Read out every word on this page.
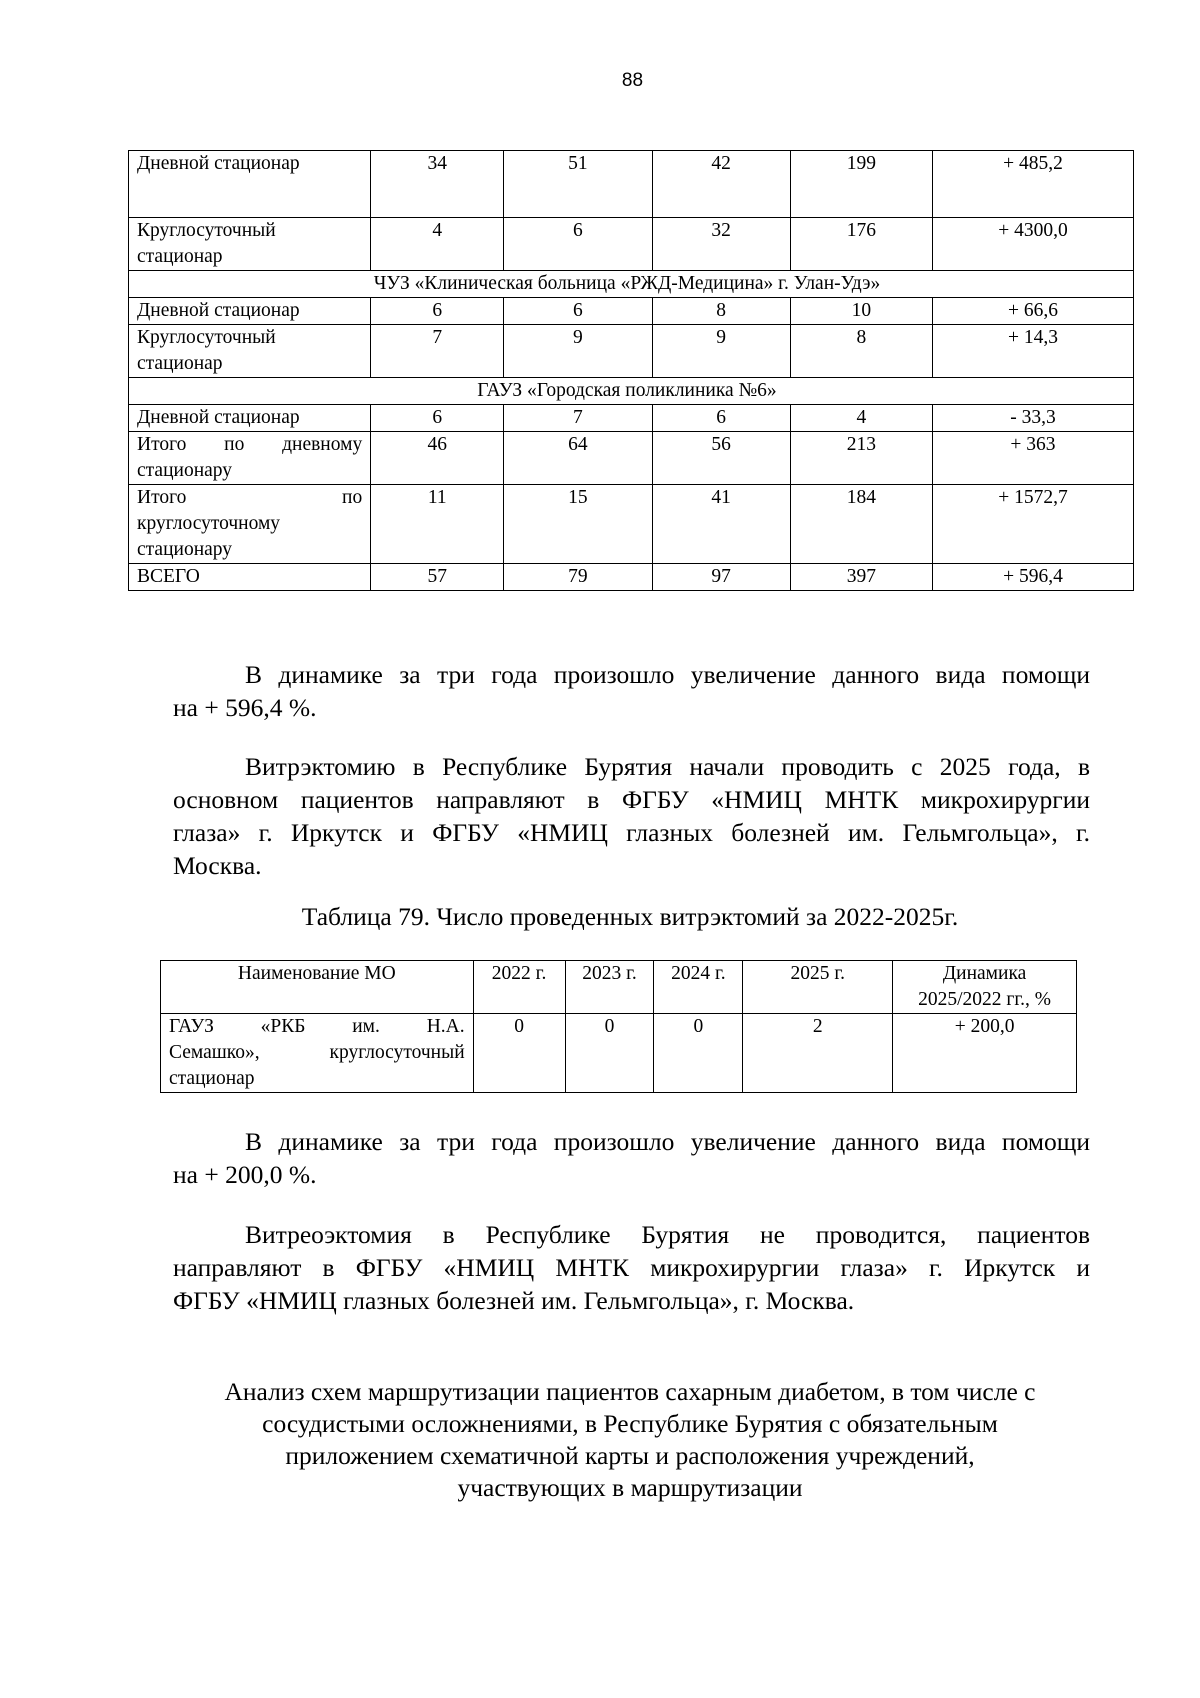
88
Дневной стационар	34	51	42	199	+ 485,2

Круглосуточный
стационар	4	6	32	176	+ 4300,0
ЧУЗ «Клиническая больница «РЖД-Медицина» г. Улан-Удэ»					

Дневной стационар	6	6	8	10	+ 66,6

Круглосуточный
стационар	7	9	9	8	+ 14,3
ГАУЗ «Городская поликлиника №6»					

Дневной стационар	6	7	6	4	- 33,3

Итого по дневному
стационару	46	64	56	213	+ 363

Итого по
круглосуточному
стационару	11	15	41	184	+ 1572,7

ВСЕГО	57	79	97	397	+ 596,4

В динамике за три года произошло увеличение данного вида помощи

на + 596,4 %.

Витрэктомию в Республике Бурятия начали проводить с 2025 года, в

основном пациентов направляют в ФГБУ «НМИЦ МНТК микрохирургии

глаза» г. Иркутск и ФГБУ «НМИЦ глазных болезней им. Гельмгольца», г.

Москва.

Таблица 79. Число проведенных витрэктомий за 2022-2025г.
Наименование МО	2022 г.	2023 г.	2024 г.	2025 г.	Динамика 2025/2022 гг., %

ГАУЗ «РКБ им. Н.А.
Семашко», круглосуточный
стационар	0	0	0	2	+ 200,0

В динамике за три года произошло увеличение данного вида помощи

на + 200,0 %.

Витреоэктомия в Республике Бурятия не проводится, пациентов

направляют в ФГБУ «НМИЦ МНТК микрохирургии глаза» г. Иркутск и

ФГБУ «НМИЦ глазных болезней им. Гельмгольца», г. Москва.

Анализ схем маршрутизации пациентов сахарным диабетом, в том числе с
сосудистыми осложнениями, в Республике Бурятия с обязательным
приложением схематичной карты и расположения учреждений,
участвующих в маршрутизации
